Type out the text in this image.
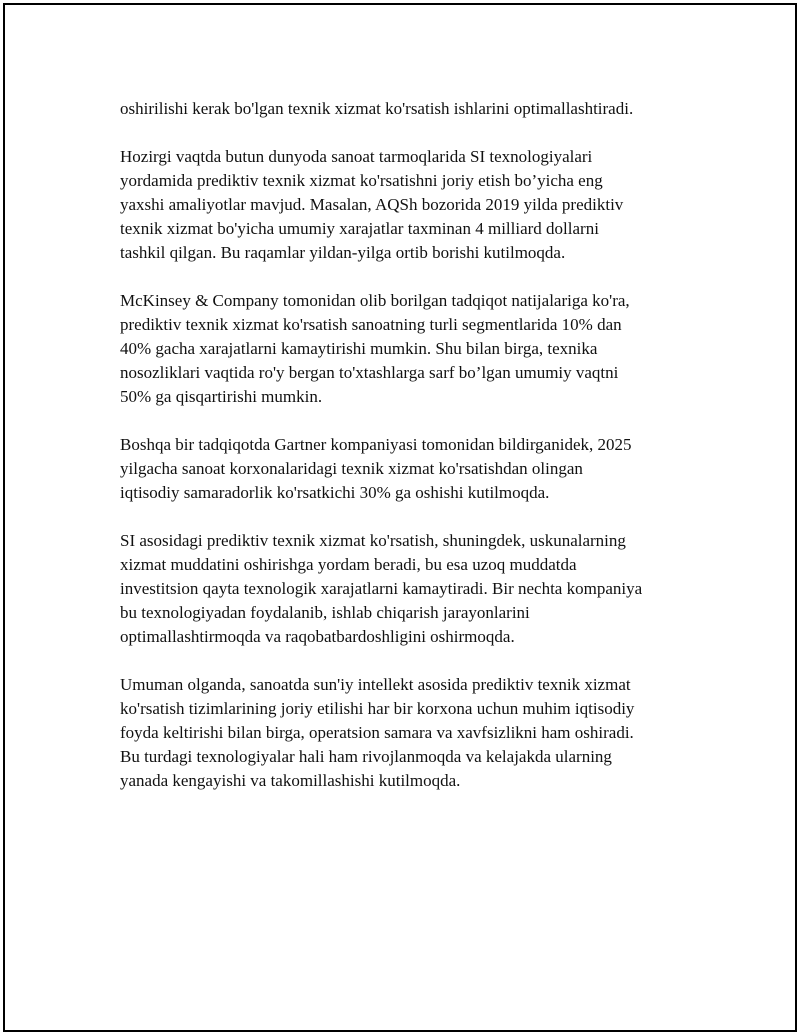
oshirilishi kerak bo'lgan texnik xizmat ko'rsatish ishlarini optimallashtiradi.

Hozirgi vaqtda butun dunyoda sanoat tarmoqlarida SI texnologiyalari
yordamida prediktiv texnik xizmat ko'rsatishni joriy etish bo’yicha eng
yaxshi amaliyotlar mavjud. Masalan, AQSh bozorida 2019 yilda prediktiv
texnik xizmat bo'yicha umumiy xarajatlar taxminan 4 milliard dollarni
tashkil qilgan. Bu raqamlar yildan-yilga ortib borishi kutilmoqda.

McKinsey & Company tomonidan olib borilgan tadqiqot natijalariga ko'ra,
prediktiv texnik xizmat ko'rsatish sanoatning turli segmentlarida 10% dan
40% gacha xarajatlarni kamaytirishi mumkin. Shu bilan birga, texnika
nosozliklari vaqtida ro'y bergan to'xtashlarga sarf bo’lgan umumiy vaqtni
50% ga qisqartirishi mumkin.

Boshqa bir tadqiqotda Gartner kompaniyasi tomonidan bildirganidek, 2025
yilgacha sanoat korxonalaridagi texnik xizmat ko'rsatishdan olingan
iqtisodiy samaradorlik ko'rsatkichi 30% ga oshishi kutilmoqda.

SI asosidagi prediktiv texnik xizmat ko'rsatish, shuningdek, uskunalarning
xizmat muddatini oshirishga yordam beradi, bu esa uzoq muddatda
investitsion qayta texnologik xarajatlarni kamaytiradi. Bir nechta kompaniya
bu texnologiyadan foydalanib, ishlab chiqarish jarayonlarini
optimallashtirmoqda va raqobatbardoshligini oshirmoqda.

Umuman olganda, sanoatda sun'iy intellekt asosida prediktiv texnik xizmat
ko'rsatish tizimlarining joriy etilishi har bir korxona uchun muhim iqtisodiy
foyda keltirishi bilan birga, operatsion samara va xavfsizlikni ham oshiradi.
Bu turdagi texnologiyalar hali ham rivojlanmoqda va kelajakda ularning
yanada kengayishi va takomillashishi kutilmoqda.
